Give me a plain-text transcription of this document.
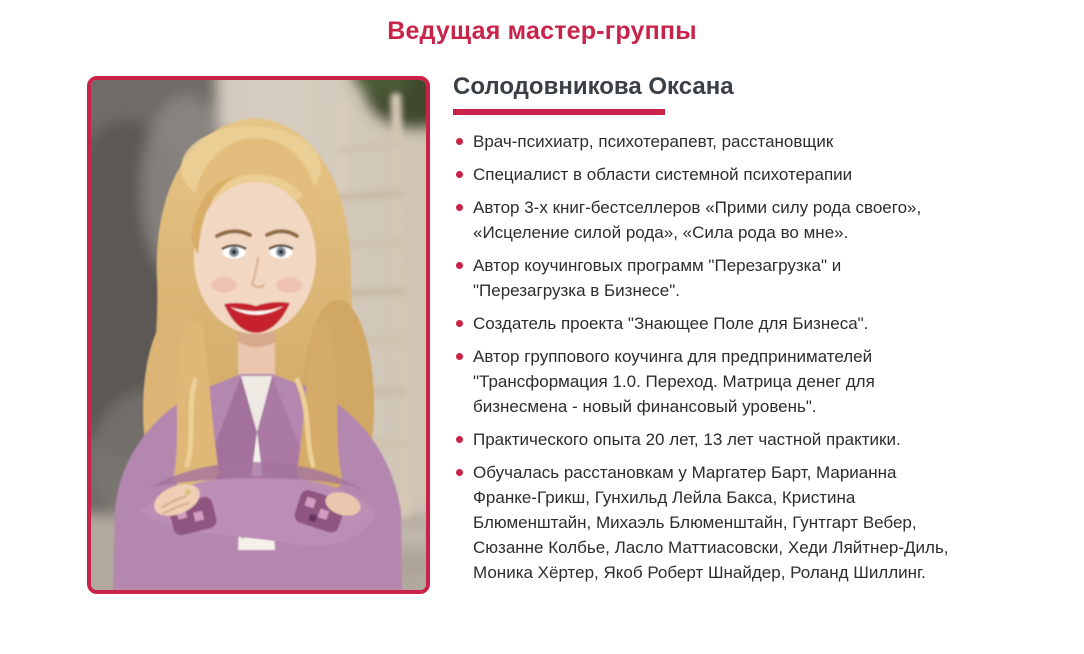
Ведущая мастер-группы
Солодовникова Оксана
Врач-психиатр, психотерапевт, расстановщик
Специалист в области системной психотерапии
Автор 3-х книг-бестселлеров «Прими силу рода своего», «Исцеление силой рода», «Сила рода во мне».
Автор коучинговых программ "Перезагрузка" и "Перезагрузка в Бизнесе".
Создатель проекта "Знающее Поле для Бизнеса".
Автор группового коучинга для предпринимателей "Трансформация 1.0. Переход. Матрица денег для бизнесмена - новый финансовый уровень".
Практического опыта 20 лет, 13 лет частной практики.
Обучалась расстановкам у Маргатер Барт, Марианна Франке-Грикш, Гунхильд Лейла Бакса, Кристина Блюменштайн, Михаэль Блюменштайн, Гунтгарт Вебер, Сюзанне Колбье, Ласло Маттиасовски, Хеди Ляйтнер-Диль, Моника Хёртер, Якоб Роберт Шнайдер, Роланд Шиллинг.
